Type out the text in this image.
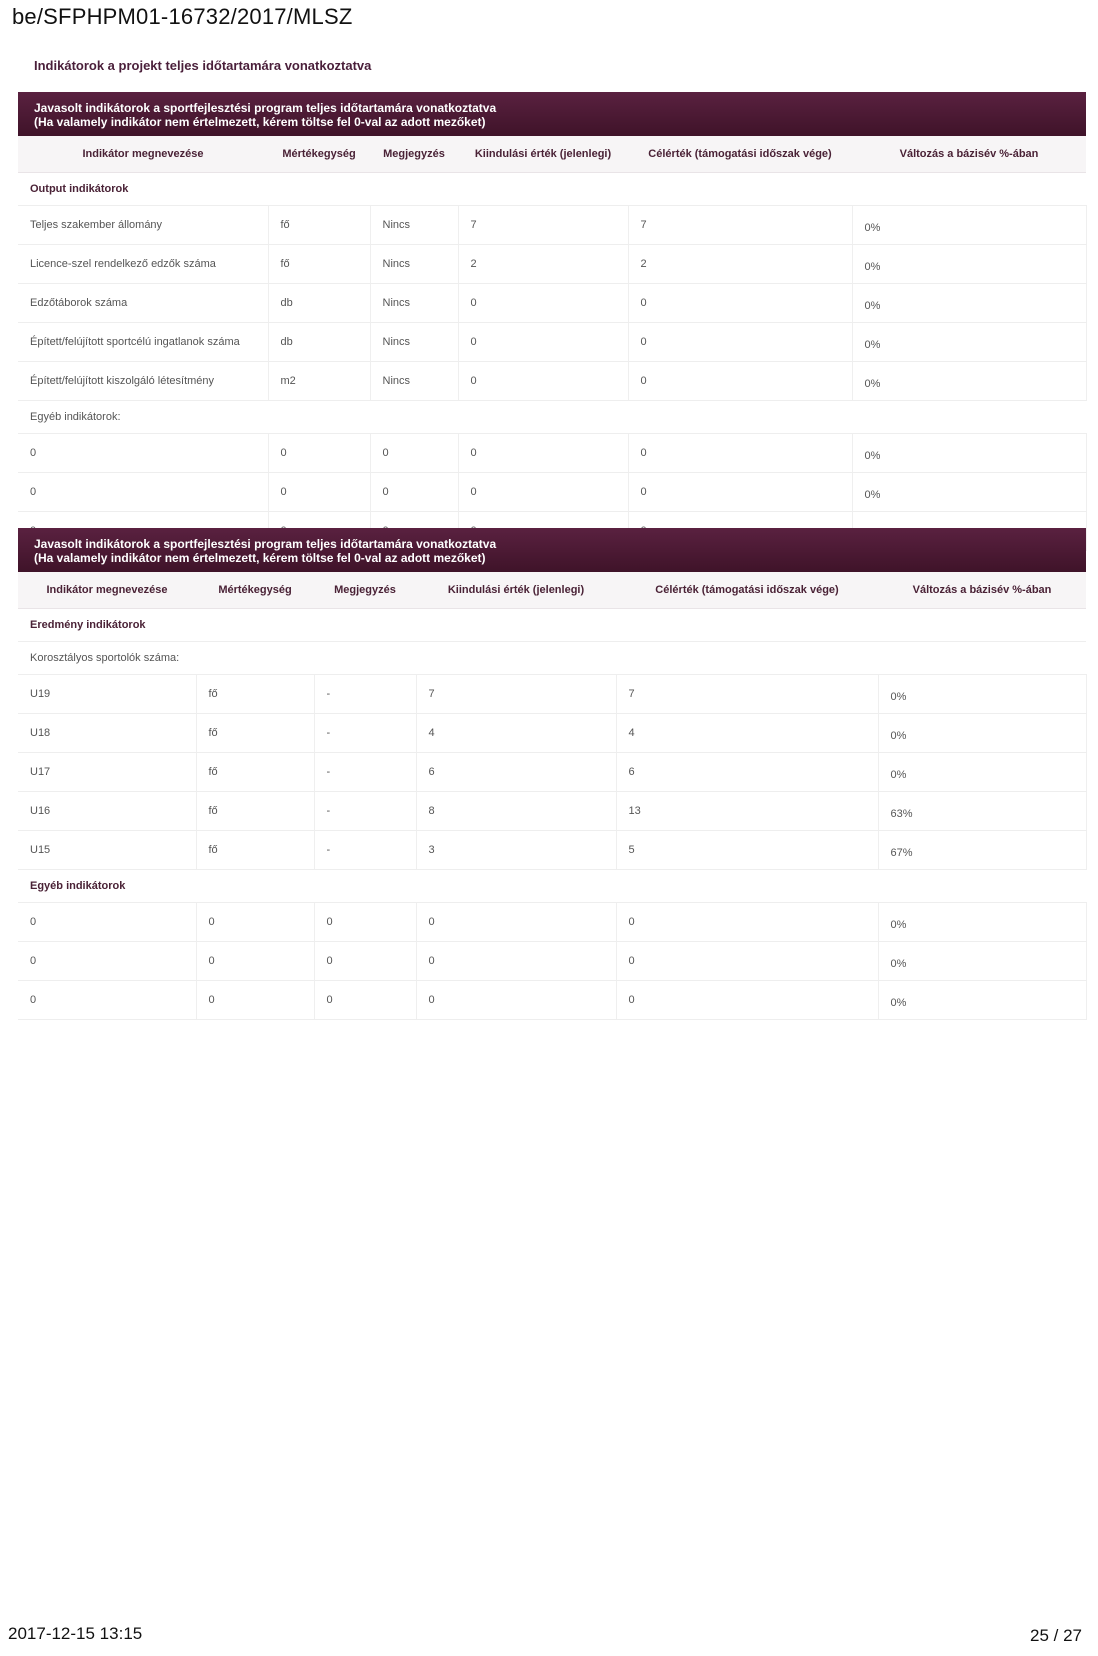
be/SFPHPM01-16732/2017/MLSZ
Indikátorok a projekt teljes időtartamára vonatkoztatva
Javasolt indikátorok a sportfejlesztési program teljes időtartamára vonatkoztatva
(Ha valamely indikátor nem értelmezett, kérem töltse fel 0-val az adott mezőket)
Indikátor megnevezése	Mértékegység	Megjegyzés	Kiindulási érték (jelenlegi)	Célérték (támogatási időszak vége)	Változás a bázisév %-ában
Output indikátorok					
Teljes szakember állomány	fő	Nincs	7	7	0%
Licence-szel rendelkező edzők száma	fő	Nincs	2	2	0%
Edzőtáborok száma	db	Nincs	0	0	0%
Épített/felújított sportcélú ingatlanok száma	db	Nincs	0	0	0%
Épített/felújított kiszolgáló létesítmény	m2	Nincs	0	0	0%
Egyéb indikátorok:					
0	0	0	0	0	0%
0	0	0	0	0	0%

Javasolt indikátorok a sportfejlesztési program teljes időtartamára vonatkoztatva
(Ha valamely indikátor nem értelmezett, kérem töltse fel 0-val az adott mezőket)
Indikátor megnevezése	Mértékegység	Megjegyzés	Kiindulási érték (jelenlegi)	Célérték (támogatási időszak vége)	Változás a bázisév %-ában
Eredmény indikátorok					
Korosztályos sportolók száma:					
U19	fő	-	7	7	0%
U18	fő	-	4	4	0%
U17	fő	-	6	6	0%
U16	fő	-	8	13	63%
U15	fő	-	3	5	67%
Egyéb indikátorok					
0	0	0	0	0	0%
0	0	0	0	0	0%
0	0	0	0	0	0%
2017-12-15 13:15	25 / 27
